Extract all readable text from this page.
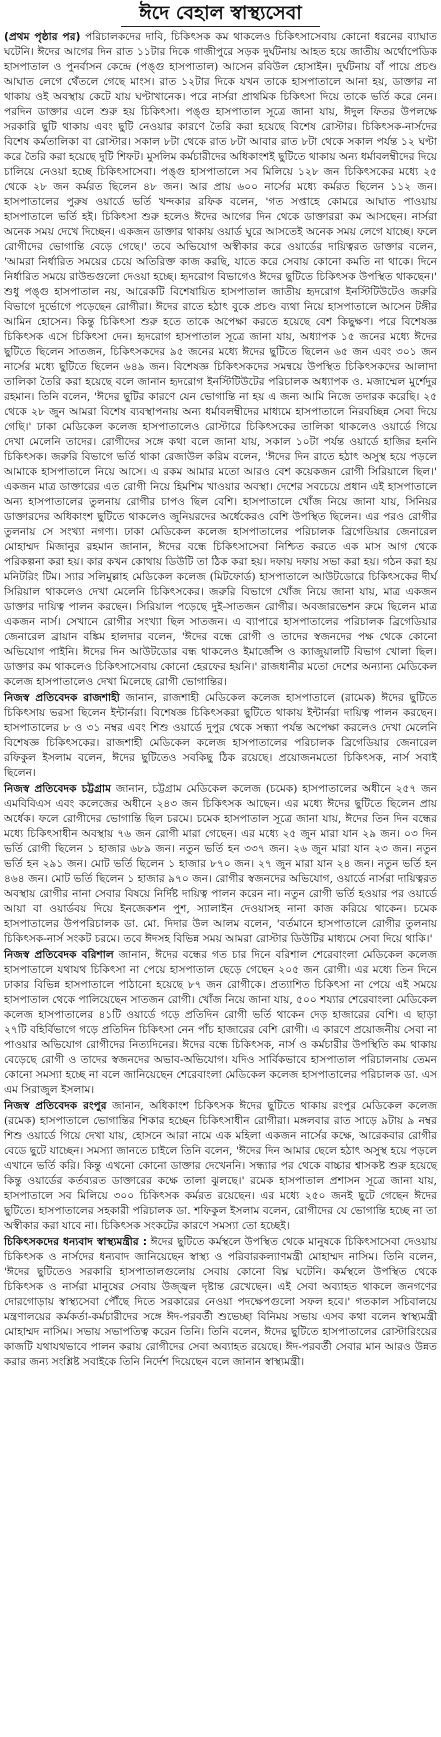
ঈদে বেহাল স্বাস্থ্যসেবা

(প্রথম পৃষ্ঠার পর) পরিচালকদের দাবি, চিকিৎসক কম থাকলেও চিকিৎসাসেবায় কোনো ধরনের ব্যাঘাত ঘটেনি। ঈদের আগের দিন রাত ১১টার দিকে গাজীপুরে সড়ক দুর্ঘটনায় আহত হয়ে জাতীয় অর্থোপেডিক হাসপাতাল ও পুনর্বাসন কেন্দ্রে (পঙ্গু হাসপাতাল) আসেন রবিউল হোসাইন। দুর্ঘটনায় বাঁ পায়ে প্রচণ্ড আঘাত লেগে থেঁতলে গেছে মাংস। রাত ১২টার দিকে যখন তাকে হাসপাতালে আনা হয়, ডাক্তার না থাকায় ওই অবস্থায় কেটে যায় ঘণ্টাখানেক। পরে নার্সরা প্রাথমিক চিকিৎসা দিয়ে তাকে ভর্তি করে নেন। পরদিন ডাক্তার এলে শুরু হয় চিকিৎসা। পঙ্গু হাসপাতাল সূত্রে জানা যায়, ঈদুল ফিতর উপলক্ষে সরকারি ছুটি থাকায় এবং ছুটি নেওয়ার কারণে তৈরি করা হয়েছে বিশেষ রোস্টার। চিকিৎসক-নার্সদের বিশেষ কর্মতালিকা বা রোস্টার। সকাল ৮টা থেকে রাত ৮টা আবার রাত ৮টা থেকে সকাল পর্যন্ত ১২ ঘণ্টা করে তৈরি করা হয়েছে দুটি শিফট। মুসলিম কর্মচারীদের অধিকাংশই ছুটিতে থাকায় অন্য ধর্মাবলম্বীদের দিয়ে চালিয়ে নেওয়া হচ্ছে চিকিৎসাসেবা। পঙ্গু হাসপাতালে সব মিলিয়ে ১২৮ জন চিকিৎসকের মধ্যে ২৫ থেকে ২৮ জন কর্মরত ছিলেন ৪৮ জন। আর প্রায় ৬০০ নার্সের মধ্যে কর্মরত ছিলেন ১১২ জন। হাসপাতালের পুরুষ ওয়ার্ডে ভর্তি খন্দকার রফিক বলেন, 'গত সপ্তাহে কোমরে আঘাত পাওয়ায় হাসপাতালে ভর্তি হই। চিকিৎসা শুরু হলেও ঈদের আগের দিন থেকে ডাক্তাররা কম আসছেন। নার্সরা অনেক সময় দেখে দিচ্ছেন। একজন ডাক্তার থাকায় ওয়ার্ড ঘুরে আসতেই অনেক সময় লেগে যাচ্ছে। ফলে রোগীদের ভোগান্তি বেড়ে গেছে।' তবে অভিযোগ অস্বীকার করে ওয়ার্ডের দায়িত্বরত ডাক্তার বলেন, 'আমরা নির্ধারিত সময়ের চেয়ে অতিরিক্ত কাজ করছি, যাতে করে সেবায় কোনো কমতি না থাকে। দিনে নির্ধারিত সময়ে রাউন্ডগুলো দেওয়া হচ্ছে। হৃদরোগ বিভাগেও ঈদের ছুটিতে চিকিৎসক উপস্থিত থাকছেন।' শুধু পঙ্গু হাসপাতাল নয়, আরেকটি বিশেষায়িত হাসপাতাল জাতীয় হৃদরোগ ইনস্টিটিউটেও জরুরি বিভাগে দুর্ভোগে পড়েছেন রোগীরা। ঈদের রাতে হঠাৎ বুকে প্রচণ্ড ব্যথা নিয়ে হাসপাতালে আসেন টঙ্গীর আমিন হোসেন। কিন্তু চিকিৎসা শুরু হতে তাকে অপেক্ষা করতে হয়েছে বেশ কিছুক্ষণ। পরে বিশেষজ্ঞ চিকিৎসক এসে চিকিৎসা দেন। হৃদরোগ হাসপাতাল সূত্রে জানা যায়, অধ্যাপক ১৫ জনের মধ্যে ঈদের ছুটিতে ছিলেন সাতজন, চিকিৎসকদের ৯৫ জনের মধ্যে ঈদের ছুটিতে ছিলেন ৬৫ জন এবং ৩০১ জন নার্সের মধ্যে ছুটিতে ছিলেন ৬৪৯ জন। বিশেষজ্ঞ চিকিৎসকদের সমন্বয়ে উপস্থিত চিকিৎসকদের আলাদা তালিকা তৈরি করা হয়েছে বলে জানান হৃদরোগ ইনস্টিটিউটের পরিচালক অধ্যাপক ও. মজাম্মেল মুর্শেদুর রহমান। তিনি বলেন, 'ঈদের ছুটির কারণে যেন ভোগান্তি না হয় এ জন্য আমি নিজে তদারক করেছি। ২৫ থেকে ২৮ জুন আমরা বিশেষ ব্যবস্থাপনায় অন্য ধর্মাবলম্বীদের মাধ্যমে হাসপাতালে নিরবচ্ছিন্ন সেবা দিয়ে গেছি।' ঢাকা মেডিকেল কলেজ হাসপাতালেও রোস্টারে চিকিৎসকের তালিকা থাকলেও ওয়ার্ডে গিয়ে দেখা মেলেনি তাদের। রোগীদের সঙ্গে কথা বলে জানা যায়, সকাল ১০টা পর্যন্ত ওয়ার্ডে হাজির হননি চিকিৎসক। জরুরি বিভাগে ভর্তি থাকা রেজাউল করিম বলেন, 'ঈদের দিন রাতে হঠাৎ অসুস্থ হয়ে পড়লে আমাকে হাসপাতালে নিয়ে আসে। এ রকম আমার মতো আরও বেশ কয়েকজন রোগী সিরিয়ালে ছিল।' একজন মাত্র ডাক্তারের এত রোগী নিয়ে হিমশিম খাওয়ার অবস্থা। দেশের সবচেয়ে প্রধান এই হাসপাতালে অন্য হাসপাতালের তুলনায় রোগীর চাপও ছিল বেশি। হাসপাতালে খোঁজ নিয়ে জানা যায়, সিনিয়র ডাক্তারদের অধিকাংশ ছুটিতে থাকলেও জুনিয়রদের অর্ধেকেরও বেশি উপস্থিত ছিলেন। এর পরও রোগীর তুলনায় সে সংখ্যা নগণ্য। ঢাকা মেডিকেল কলেজ হাসপাতালের পরিচালক ব্রিগেডিয়ার জেনারেল মোহাম্মদ মিজানুর রহমান জানান, ঈদের বন্ধে চিকিৎসাসেবা নিশ্চিত করতে এক মাস আগ থেকে পরিকল্পনা করা হয়। কার কখন কোথায় ডিউটি তা ঠিক করা হয়। দফায় দফায় সভা করা হয়। গঠন করা হয় মনিটরিং টিম। স্যার সলিমুল্লাহ মেডিকেল কলেজ (মিটফোর্ড) হাসপাতালে আউটডোরে চিকিৎসকের দীর্ঘ সিরিয়াল থাকলেও দেখা মেলেনি চিকিৎসকের। জরুরি বিভাগে খোঁজ নিয়ে জানা যায়, মাত্র একজন ডাক্তার দায়িত্ব পালন করছেন। সিরিয়াল পড়েছে দুই-সাতজন রোগীর। অবজারভেশন রুমে ছিলেন মাত্র একজন নার্স। সেখানে রোগীর সংখ্যা ছিল সাতজন। এ ব্যাপারে হাসপাতালের পরিচালক ব্রিগেডিয়ার জেনারেল ব্রায়ান বঙ্কিম হালদার বলেন, 'ঈদের বন্ধে রোগী ও তাদের স্বজনদের পক্ষ থেকে কোনো অভিযোগ পাইনি। ঈদের দিন আউটডোর বন্ধ থাকলেও ইমার্জেন্সি ও ক্যাজুয়ালটি বিভাগ খোলা ছিল। ডাক্তার কম থাকলেও চিকিৎসাসেবায় কোনো হেরফের হয়নি।' রাজধানীর মতো দেশের অন্যান্য মেডিকেল কলেজ হাসপাতালেও দেখা মিলেছে রোগী ভোগান্তির।

নিজস্ব প্রতিবেদক রাজশাহী জানান, রাজশাহী মেডিকেল কলেজ হাসপাতালে (রামেক) ঈদের ছুটিতে চিকিৎসায় ভরসা ছিলেন ইন্টার্নরা। বিশেষজ্ঞ চিকিৎসকরা ছুটিতে থাকায় ইন্টার্নরা দায়িত্ব পালন করছেন। হাসপাতালের ৮ ও ৩১ নম্বর এবং শিশু ওয়ার্ডে দুপুর থেকে সন্ধ্যা পর্যন্ত অপেক্ষা করলেও দেখা মেলেনি বিশেষজ্ঞ চিকিৎসকের। রাজশাহী মেডিকেল কলেজ হাসপাতালের পরিচালক ব্রিগেডিয়ার জেনারেল রফিকুল ইসলাম বলেন, ঈদের ছুটিতেও সবকিছু ঠিক রয়েছে। প্রয়োজনমতো চিকিৎসক, নার্স সবাই ছিলেন।

নিজস্ব প্রতিবেদক চট্টগ্রাম জানান, চট্টগ্রাম মেডিকেল কলেজ (চমেক) হাসপাতালের অধীনে ২৫৭ জন এমবিবিএস এবং কলেজের অধীনে ২৪৩ জন চিকিৎসক আছেন। এর মধ্যে ঈদের ছুটিতে ছিলেন প্রায় অর্ধেক। ফলে রোগীদের ভোগান্তি ছিল চরমে। চমেক হাসপাতাল সূত্রে জানা যায়, ঈদের তিন দিন বন্ধের মধ্যে চিকিৎসাধীন অবস্থায় ৭৬ জন রোগী মারা গেছেন। এর মধ্যে ২৫ জুন মারা যান ২৯ জন। ০৩ দিন ভর্তি রোগী ছিলেন ১ হাজার ৬৮৯ জন। নতুন ভর্তি হন ৩৩৭ জন। ২৬ জুন মারা যান ২৩ জন। নতুন ভর্তি হন ২৯১ জন। মোট ভর্তি ছিলেন ১ হাজার ৮৭০ জন। ২৭ জুন মারা যান ২৪ জন। নতুন ভর্তি হন ৪৬৪ জন। মোট ভর্তি ছিলেন ১ হাজার ৯৭০ জন। রোগীর স্বজনদের অভিযোগ, ওয়ার্ডে নার্সরা দায়িত্বরত অবস্থায় রোগীর নানা সেবার বিষয়ে নির্দিষ্ট দায়িত্ব পালন করেন না। নতুন রোগী ভর্তি হওয়ার পর ওয়ার্ডে আয়া বা ওয়ার্ডবয় দিয়ে ইনজেকশন পুশ, স্যালাইন দেওয়াসহ নানা কাজ করিয়ে থাকেন। চমেক হাসপাতালের উপপরিচালক ডা. মো. দিদার উল আলম বলেন, 'বর্তমানে হাসপাতালে রোগীর তুলনায় চিকিৎসক-নার্স সংকট চরমে। তবে ঈদসহ বিভিন্ন সময় আমরা রোস্টার ডিউটির মাধ্যমে সেবা দিয়ে থাকি।'

নিজস্ব প্রতিবেদক বরিশাল জানান, ঈদের বন্ধের গত চার দিনে বরিশাল শেরেবাংলা মেডিকেল কলেজ হাসপাতালে যথাযথ চিকিৎসা না পেয়ে হাসপাতাল ছেড়ে গেছেন ২০৫ জন রোগী। এর মধ্যে তিন দিনে ঢাকার বিভিন্ন হাসপাতালে পাঠানো হয়েছে ৮৭ জন রোগীকে। প্রত্যাশিত চিকিৎসা না পেয়ে এই সময়ে হাসপাতাল থেকে পালিয়েছেন সাতজন রোগী। খোঁজ নিয়ে জানা যায়, ৫০০ শয্যার শেরেবাংলা মেডিকেল কলেজ হাসপাতালের ৪১টি ওয়ার্ডে গড়ে প্রতিদিন রোগী ভর্তি থাকেন দেড় হাজারের বেশি। এ ছাড়া ২৭টি বহির্বিভাগে গড়ে প্রতিদিন চিকিৎসা নেন পাঁচ হাজারের বেশি রোগী। এ কারণে প্রয়োজনীয় সেবা না পাওয়ার অভিযোগ রোগীদের নিত্যদিনের। ঈদের বন্ধে চিকিৎসক, নার্স ও কর্মচারীর উপস্থিতি কম থাকায় বেড়েছে রোগী ও তাদের স্বজনদের অভাব-অভিযোগ। যদিও সার্বিকভাবে হাসপাতাল পরিচালনায় তেমন কোনো সমস্যা হচ্ছে না বলে জানিয়েছেন শেরেবাংলা মেডিকেল কলেজ হাসপাতালের পরিচালক ডা. এস এম সিরাজুল ইসলাম।

নিজস্ব প্রতিবেদক রংপুর জানান, অধিকাংশ চিকিৎসক ঈদের ছুটিতে থাকায় রংপুর মেডিকেল কলেজ (রমেক) হাসপাতালে ভোগান্তির শিকার হচ্ছেন চিকিৎসাধীন রোগীরা। মঙ্গলবার রাত সাড়ে ৯টায় ৯ নম্বর শিশু ওয়ার্ডে গিয়ে দেখা যায়, হোসনে আরা নামে এক মহিলা একজন নার্সের কক্ষে, আরেকবার রোগীর বেডে ছুটে যাচ্ছেন। সমস্যা জানতে চাইলে তিনি বলেন, 'ঈদের দিন আমার ছেলে হঠাৎ অসুস্থ হয়ে পড়লে এখানে ভর্তি করি। কিন্তু এখনো কোনো ডাক্তার দেখেননি। সন্ধ্যার পর থেকে বাচ্চার শ্বাসকষ্ট শুরু হয়েছে কিন্তু ওয়ার্ডের কর্তব্যরত ডাক্তারের কক্ষে তালা ঝুলছে।' রমেক হাসপাতাল প্রশাসন সূত্রে জানা যায়, হাসপাতালে সব মিলিয়ে ৩০০ চিকিৎসক কর্মরত রয়েছেন। এর মধ্যে ২৫০ জনই ছুটে গেছেন ঈদের ছুটিতে। হাসপাতালের সহকারী পরিচালক ডা. শফিকুল ইসলাম বলেন, রোগীদের যে ভোগান্তি হচ্ছে না তা অস্বীকার করা যাবে না। চিকিৎসক সংকটের কারণে সমস্যা তো হচ্ছেই।

চিকিৎসকদের ধন্যবাদ স্বাস্থ্যমন্ত্রীর : ঈদের ছুটিতে কর্মস্থলে উপস্থিত থেকে মানুষকে চিকিৎসাসেবা দেওয়ায় চিকিৎসক ও নার্সদের ধন্যবাদ জানিয়েছেন স্বাস্থ্য ও পরিবারকল্যাণমন্ত্রী মোহাম্মদ নাসিম। তিনি বলেন, 'ঈদের ছুটিতেও সরকারি হাসপাতালগুলোয় সেবায় কোনো বিঘ্ন ঘটেনি। কর্মস্থলে উপস্থিত থেকে চিকিৎসক ও নার্সরা মানুষের সেবায় উজ্জ্বল দৃষ্টান্ত রেখেছেন। এই সেবা অব্যাহত থাকলে জনগণের দোরগোড়ায় স্বাস্থ্যসেবা পৌঁছে দিতে সরকারের নেওয়া পদক্ষেপগুলো সফল হবে।' গতকাল সচিবালয়ে মন্ত্রণালয়ের কর্মকর্তা-কর্মচারীদের সঙ্গে ঈদ-পরবর্তী শুভেচ্ছা বিনিময় সভায় এসব কথা বলেন স্বাস্থ্যমন্ত্রী মোহাম্মদ নাসিম। সভায় সভাপতিত্ব করেন তিনি। তিনি বলেন, ঈদের ছুটিতে হাসপাতালের রোস্টারিংয়ের কাজটি যথাযথভাবে পালন করায় রোগীদের সেবা অব্যাহত রয়েছে। ঈদ-পরবর্তী সেবার মান আরও উন্নত করার জন্য সংশ্লিষ্ট সবাইকে তিনি নির্দেশ দিয়েছেন বলে জানান স্বাস্থ্যমন্ত্রী।
